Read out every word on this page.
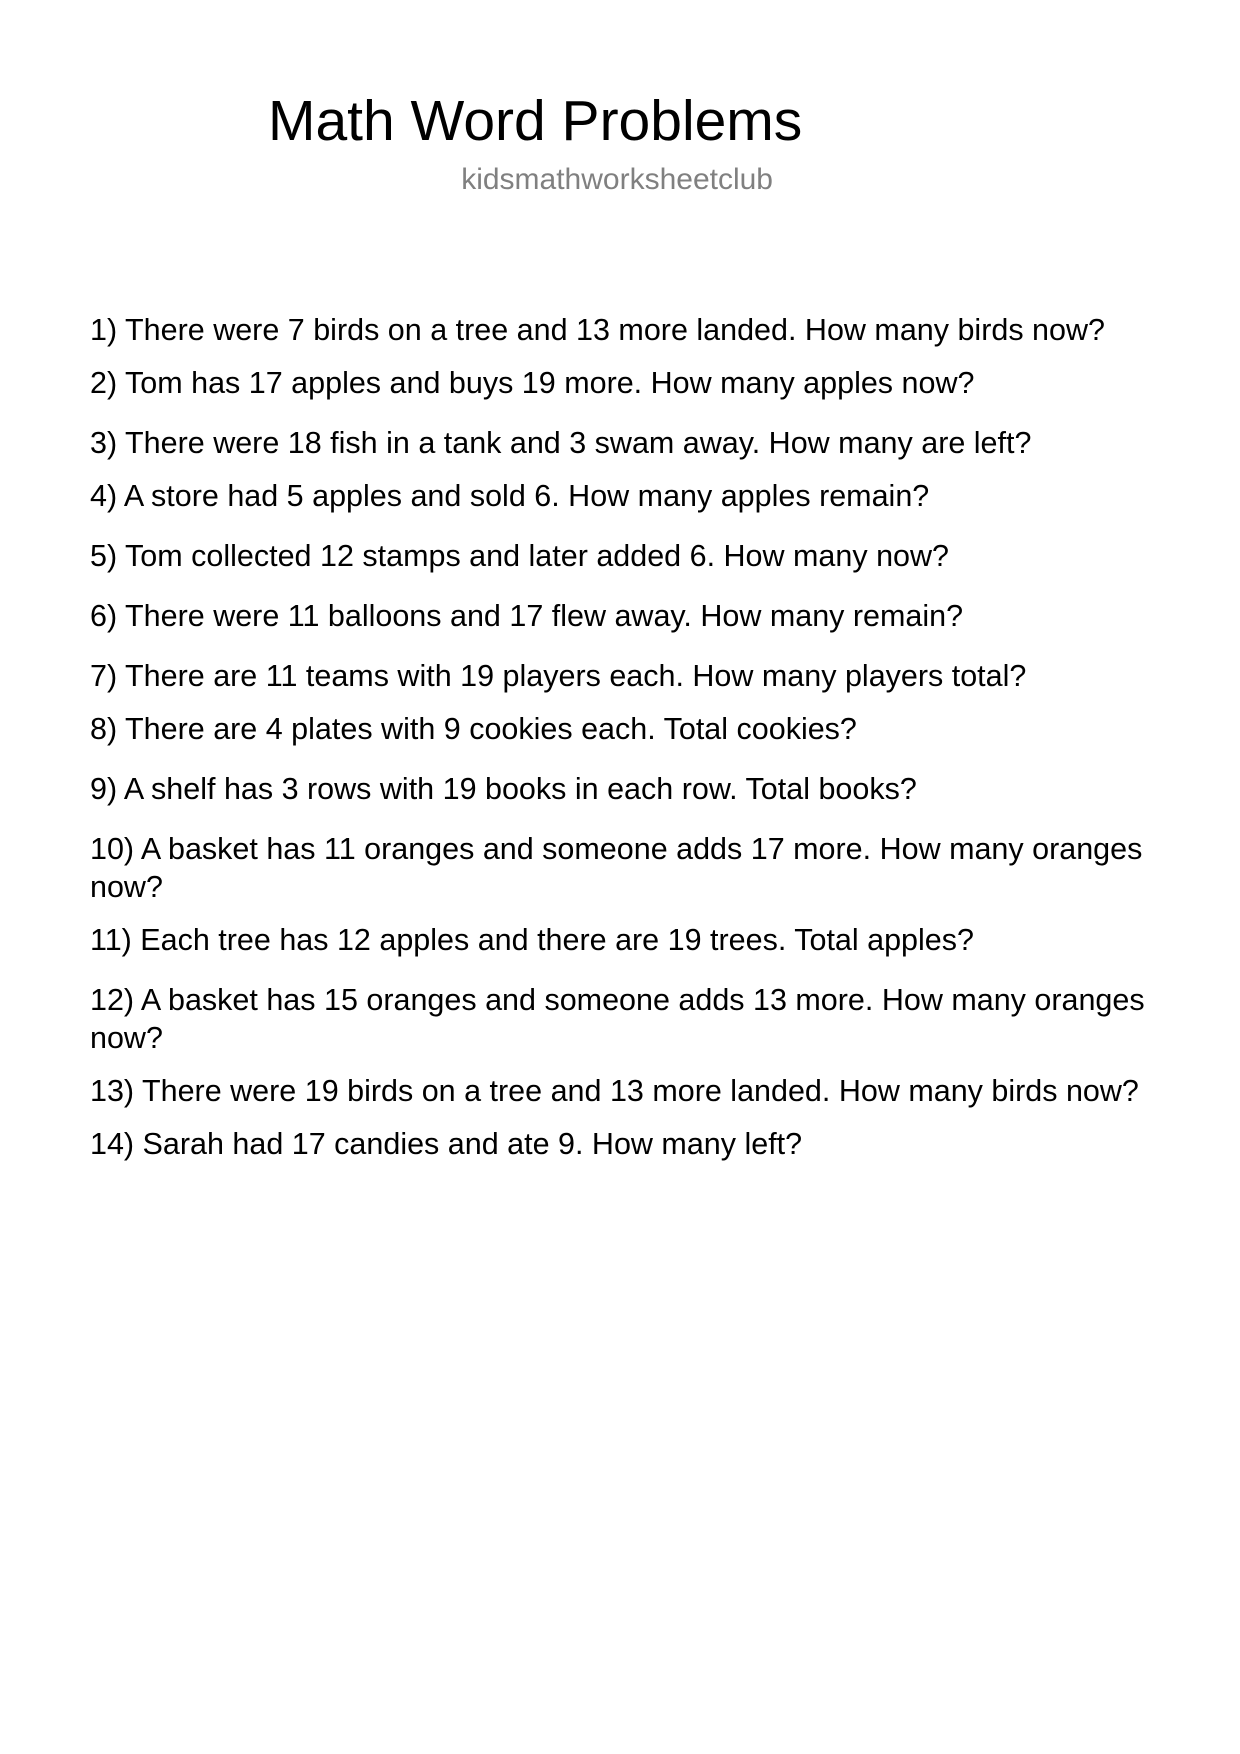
Math Word Problems
kidsmathworksheetclub
1) There were 7 birds on a tree and 13 more landed. How many birds now?
2) Tom has 17 apples and buys 19 more. How many apples now?
3) There were 18 fish in a tank and 3 swam away. How many are left?
4) A store had 5 apples and sold 6. How many apples remain?
5) Tom collected 12 stamps and later added 6. How many now?
6) There were 11 balloons and 17 flew away. How many remain?
7) There are 11 teams with 19 players each. How many players total?
8) There are 4 plates with 9 cookies each. Total cookies?
9) A shelf has 3 rows with 19 books in each row. Total books?
10) A basket has 11 oranges and someone adds 17 more. How many oranges now?
11) Each tree has 12 apples and there are 19 trees. Total apples?
12) A basket has 15 oranges and someone adds 13 more. How many oranges now?
13) There were 19 birds on a tree and 13 more landed. How many birds now?
14) Sarah had 17 candies and ate 9. How many left?
